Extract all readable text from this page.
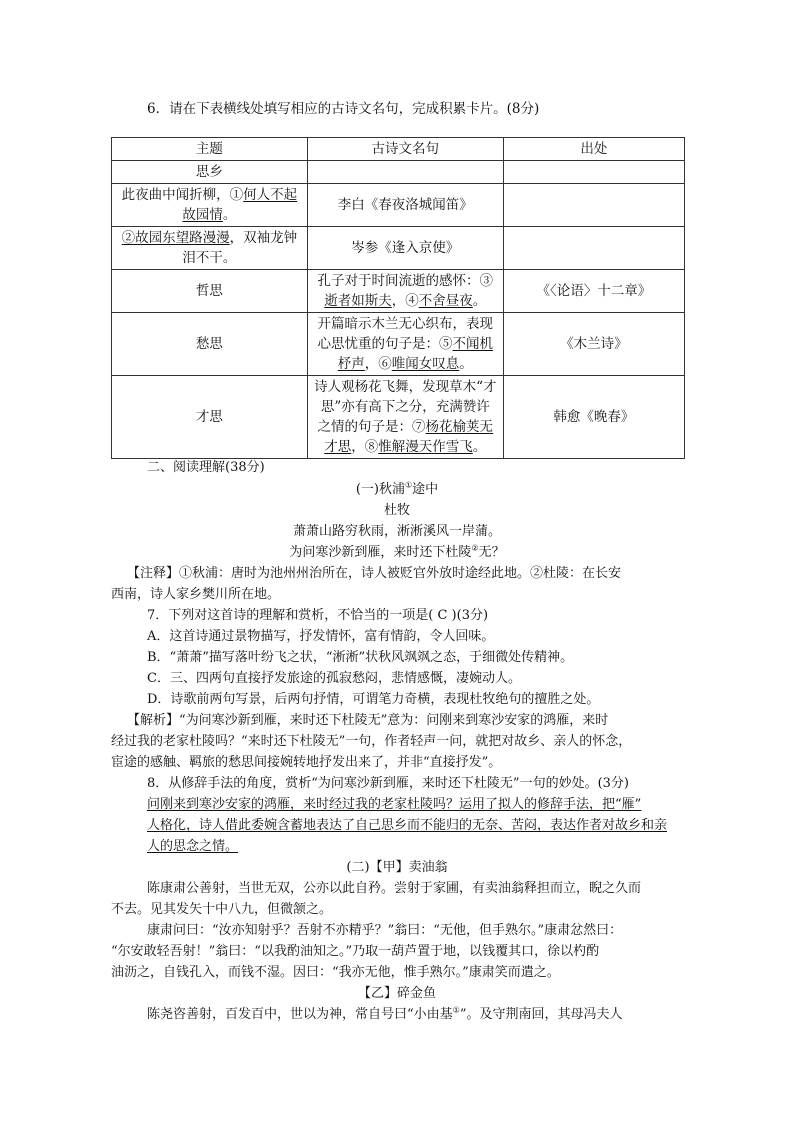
6．请在下表横线处填写相应的古诗文名句，完成积累卡片。(8分)
主题	古诗文名句	出处
思乡		
此夜曲中闻折柳，①何人不起
故园情。	李白《春夜洛城闻笛》	
②故园东望路漫漫，双袖龙钟
泪不干。	岑参《逢入京使》	
哲思	孔子对于时间流逝的感怀：③
逝者如斯夫，④不舍昼夜。	《〈论语〉十二章》
愁思	开篇暗示木兰无心织布，表现
心思忧重的句子是：⑤不闻机
杼声，⑥唯闻女叹息。	《木兰诗》
才思	诗人观杨花飞舞，发现草木“才
思”亦有高下之分，充满赞许
之情的句子是：⑦杨花榆荚无
才思，⑧惟解漫天作雪飞。	韩愈《晚春》
二、阅读理解(38分)
(一)秋浦①途中
杜牧
萧萧山路穷秋雨，淅淅溪风一岸蒲。
为问寒沙新到雁，来时还下杜陵②无？
【注释】①秋浦：唐时为池州州治所在，诗人被贬官外放时途经此地。②杜陵：在长安
西南，诗人家乡樊川所在地。
7．下列对这首诗的理解和赏析，不恰当的一项是( C )(3分)
A．这首诗通过景物描写，抒发情怀，富有情韵，令人回味。
B．“萧萧”描写落叶纷飞之状，“淅淅”状秋风飒飒之态，于细微处传精神。
C．三、四两句直接抒发旅途的孤寂愁闷，悲情感慨，凄婉动人。
D．诗歌前两句写景，后两句抒情，可谓笔力奇横，表现杜牧绝句的擅胜之处。
【解析】“为问寒沙新到雁，来时还下杜陵无”意为：问刚来到寒沙安家的鸿雁，来时
经过我的老家杜陵吗？“来时还下杜陵无”一句，作者轻声一问，就把对故乡、亲人的怀念，
宦途的感触、羁旅的愁思间接婉转地抒发出来了，并非“直接抒发”。
8．从修辞手法的角度，赏析“为问寒沙新到雁，来时还下杜陵无”一句的妙处。(3分)
问刚来到寒沙安家的鸿雁，来时经过我的老家杜陵吗？运用了拟人的修辞手法，把“雁”
人格化，诗人借此委婉含蓄地表达了自己思乡而不能归的无奈、苦闷，表达作者对故乡和亲
人的思念之情。
(二)【甲】卖油翁
陈康肃公善射，当世无双，公亦以此自矜。尝射于家圃，有卖油翁释担而立，睨之久而
不去。见其发矢十中八九，但微颔之。
康肃问曰：“汝亦知射乎？吾射不亦精乎？”翁曰：“无他，但手熟尔。”康肃忿然曰：
“尔安敢轻吾射！”翁曰：“以我酌油知之。”乃取一葫芦置于地，以钱覆其口，徐以杓酌
油沥之，自钱孔入，而钱不湿。因曰：“我亦无他，惟手熟尔。”康肃笑而遣之。
【乙】碎金鱼
陈尧咨善射，百发百中，世以为神，常自号曰“小由基①”。及守荆南回，其母冯夫人
